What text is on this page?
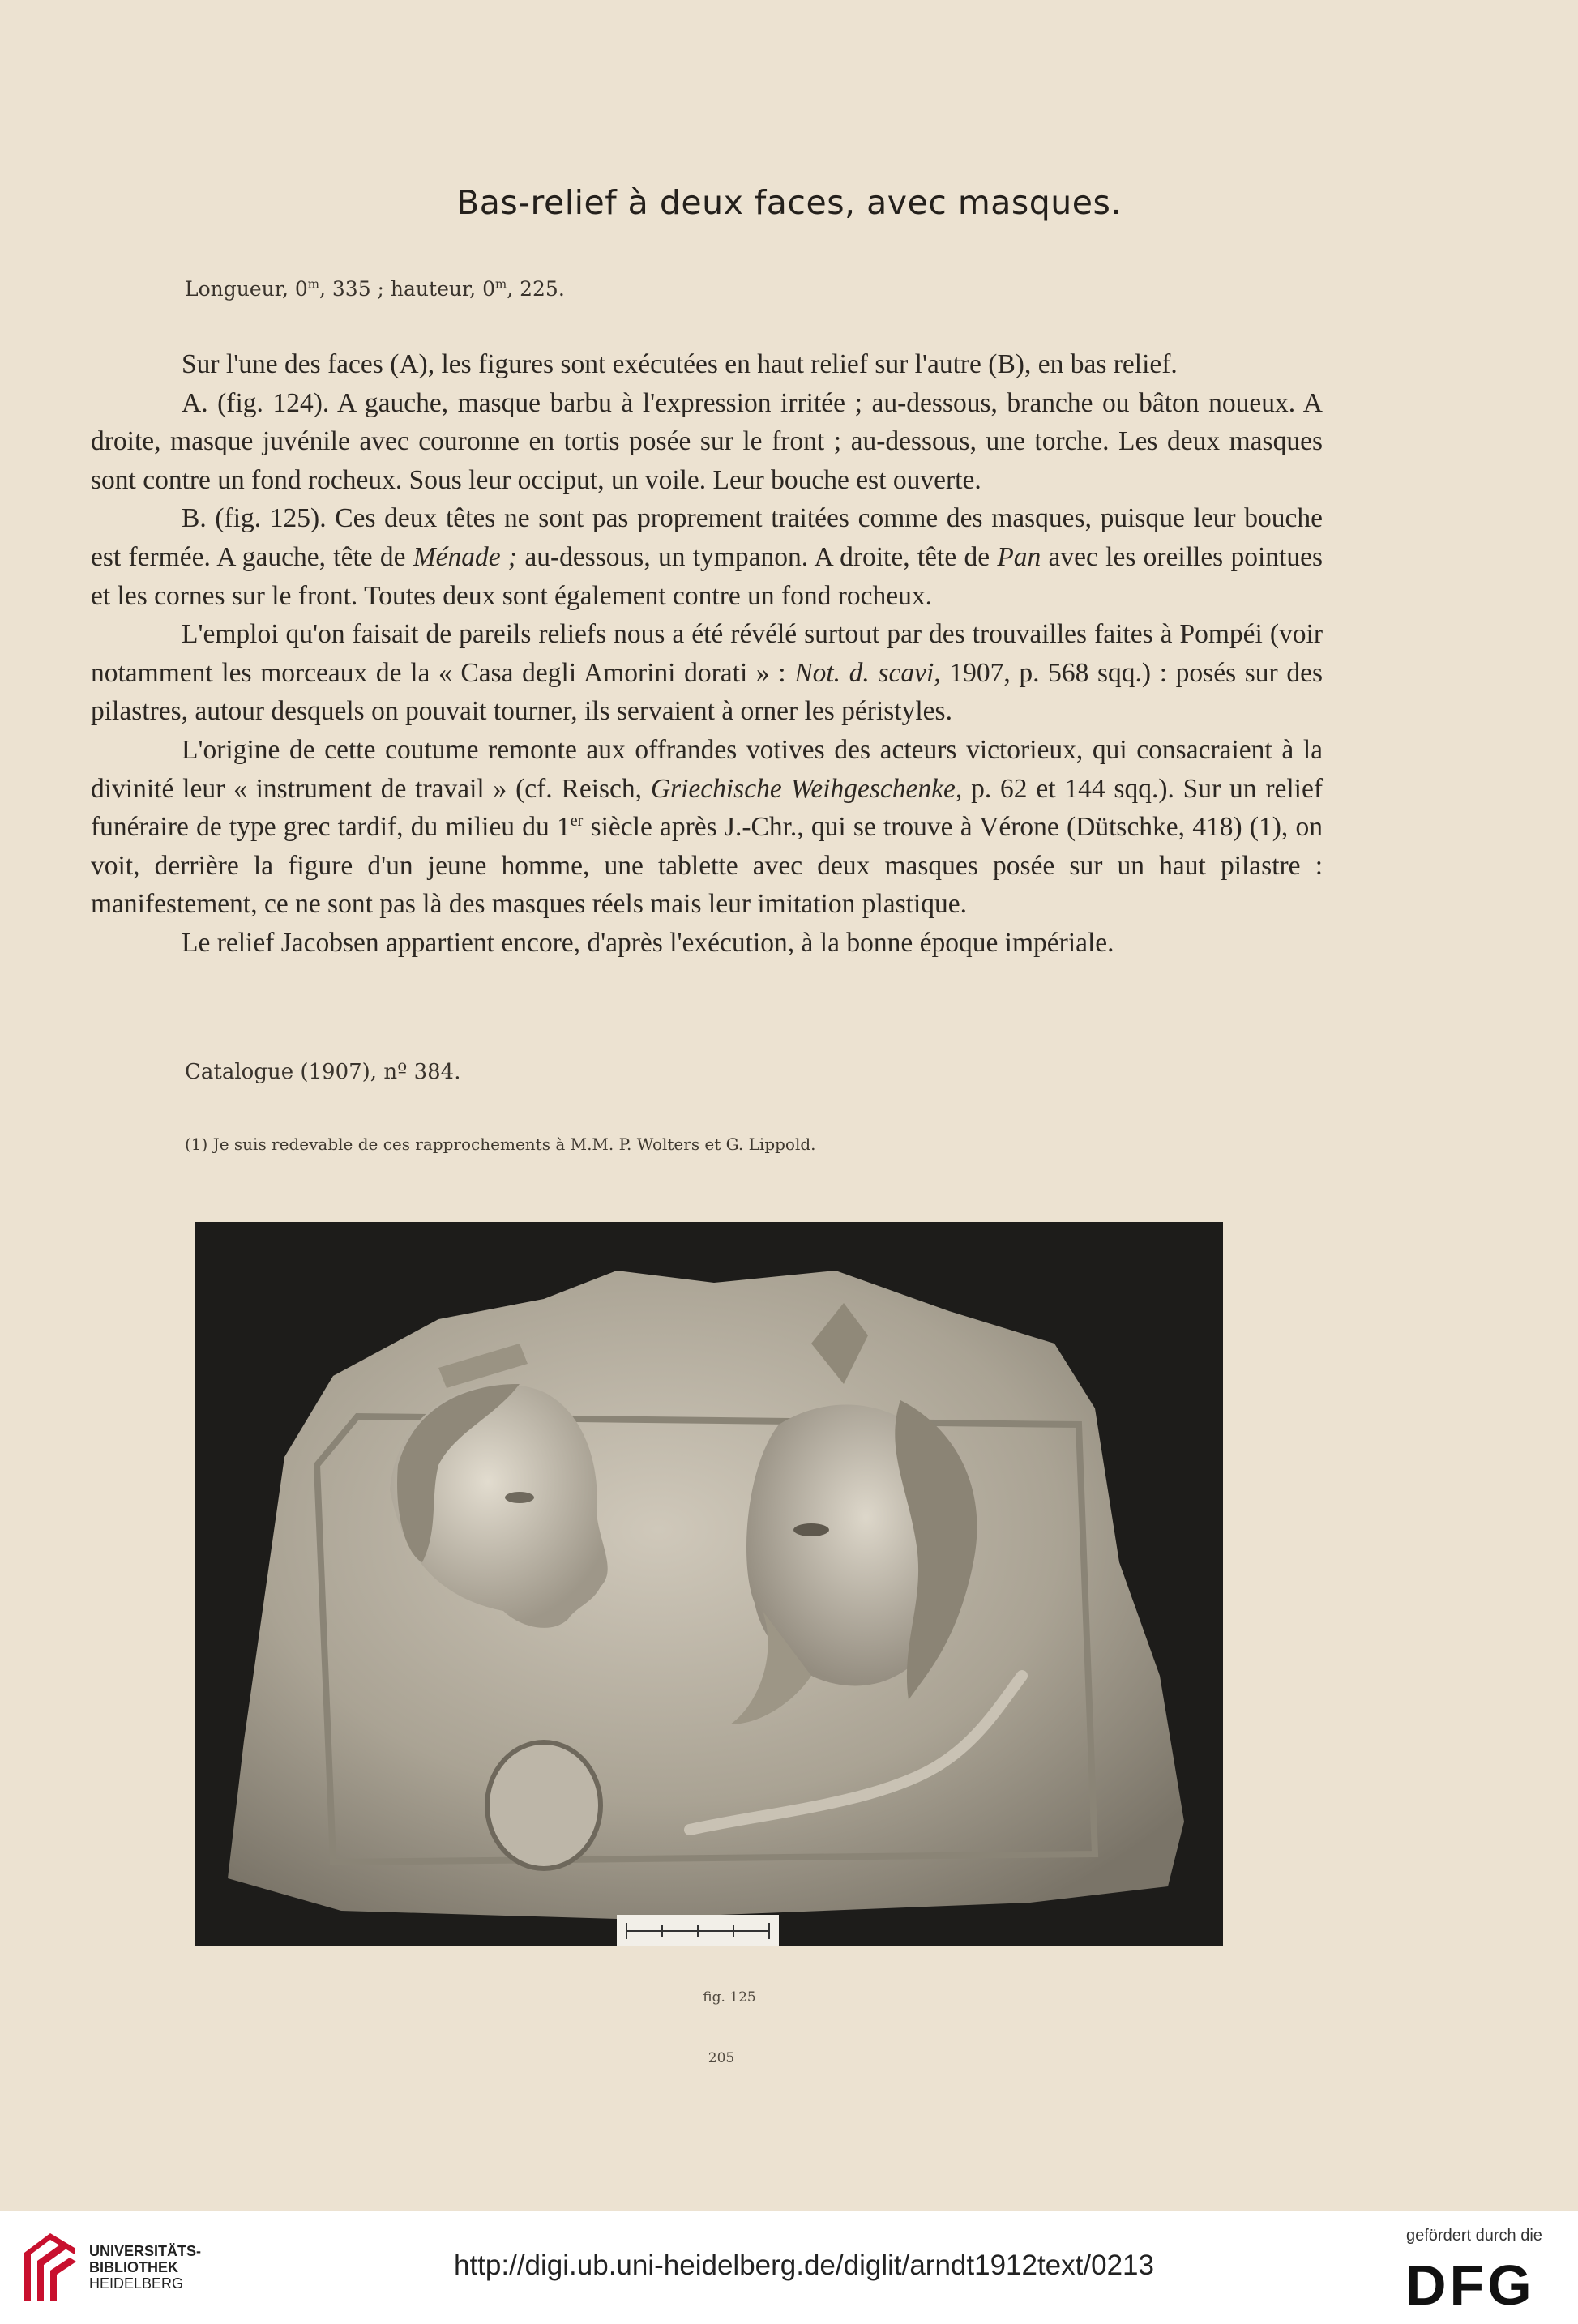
Bas-relief à deux faces, avec masques.
Longueur, 0$^m$, 335 ; hauteur, 0$^m$, 225.

Sur l'une des faces (A), les figures sont exécutées en haut relief sur l'autre (B), en bas relief.

A. (fig. 124). A gauche, masque barbu à l'expression irritée ; au-dessous, branche ou bâton noueux. A droite, masque juvénile avec couronne en tortis posée sur le front ; au-dessous, une torche. Les deux masques sont contre un fond rocheux. Sous leur occiput, un voile. Leur bouche est ouverte.

B. (fig. 125). Ces deux têtes ne sont pas proprement traitées comme des masques, puisque leur bouche est fermée. A gauche, tête de Ménade ; au-dessous, un tympanon. A droite, tête de Pan avec les oreilles pointues et les cornes sur le front. Toutes deux sont également contre un fond rocheux.

L'emploi qu'on faisait de pareils reliefs nous a été révélé surtout par des trouvailles faites à Pompéi (voir notamment les morceaux de la « Casa degli Amorini dorati » : Not. d. scavi, 1907, p. 568 sqq.) : posés sur des pilastres, autour desquels on pouvait tourner, ils servaient à orner les péristyles.

L'origine de cette coutume remonte aux offrandes votives des acteurs victorieux, qui consacraient à la divinité leur « instrument de travail » (cf. Reisch, Griechische Weihgeschenke, p. 62 et 144 sqq.). Sur un relief funéraire de type grec tardif, du milieu du 1er siècle après J.-Chr., qui se trouve à Vérone (Dütschke, 418) (1), on voit, derrière la figure d'un jeune homme, une tablette avec deux masques posée sur un haut pilastre : manifestement, ce ne sont pas là des masques réels mais leur imitation plastique.

Le relief Jacobsen appartient encore, d'après l'exécution, à la bonne époque impériale.

Catalogue (1907), nº 384.
(1) Je suis redevable de ces rapprochements à M.M. P. Wolters et G. Lippold.
fig. 125
205
UNIVERSITÄTS-
BIBLIOTHEK
HEIDELBERG
http://digi.ub.uni-heidelberg.de/diglit/arndt1912text/0213
gefördert durch die
DFG
